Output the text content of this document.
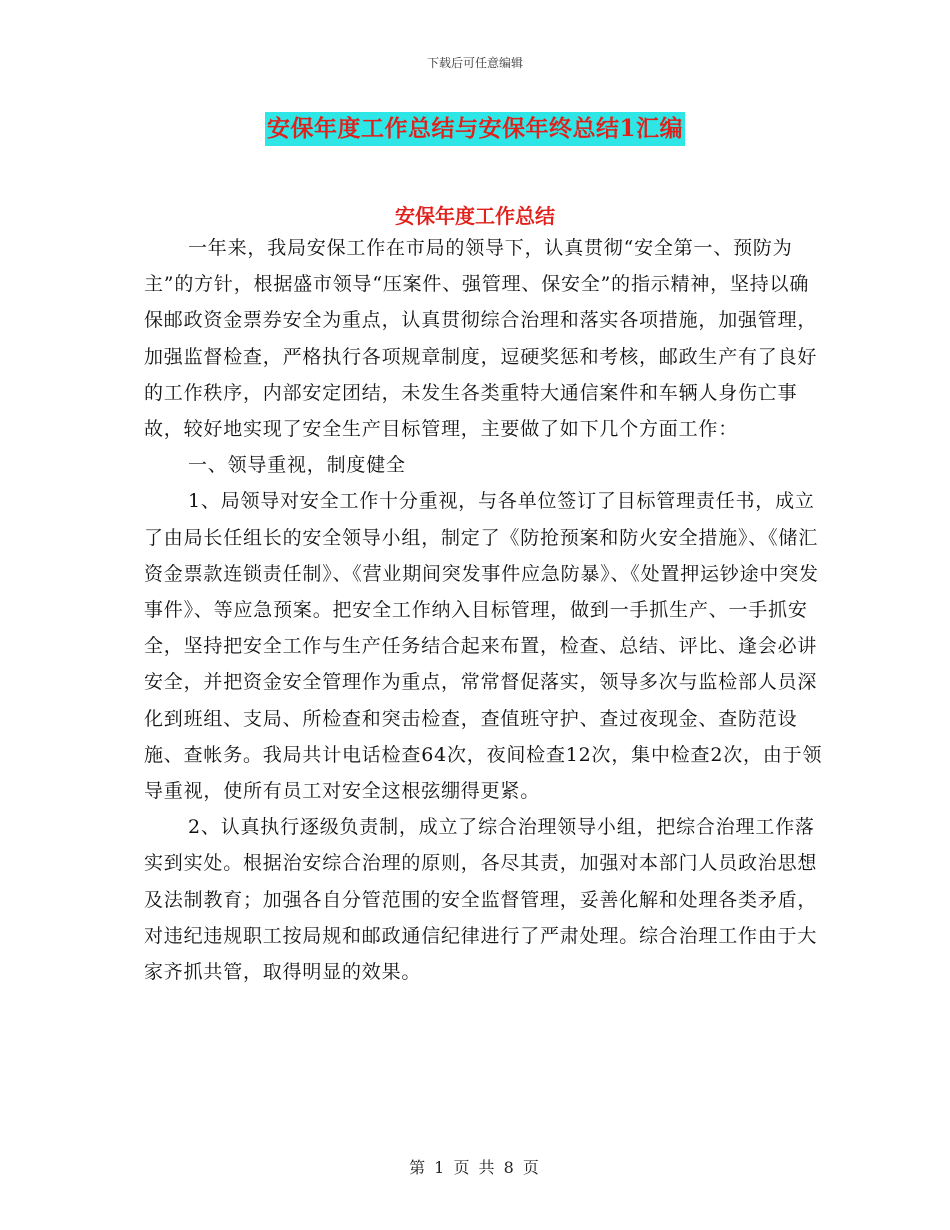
下载后可任意编辑
安保年度工作总结与安保年终总结1汇编
安保年度工作总结

一年来，我局安保工作在市局的领导下，认真贯彻“安全第一、预防为主”的方针，根据盛市领导“压案件、强管理、保安全”的指示精神，坚持以确保邮政资金票券安全为重点，认真贯彻综合治理和落实各项措施，加强管理，加强监督检查，严格执行各项规章制度，逗硬奖惩和考核，邮政生产有了良好的工作秩序，内部安定团结，未发生各类重特大通信案件和车辆人身伤亡事故，较好地实现了安全生产目标管理，主要做了如下几个方面工作：

一、领导重视，制度健全

1、局领导对安全工作十分重视，与各单位签订了目标管理责任书，成立了由局长任组长的安全领导小组，制定了《防抢预案和防火安全措施》、《储汇资金票款连锁责任制》、《营业期间突发事件应急防暴》、《处置押运钞途中突发事件》、等应急预案。把安全工作纳入目标管理，做到一手抓生产、一手抓安全，坚持把安全工作与生产任务结合起来布置，检查、总结、评比、逢会必讲安全，并把资金安全管理作为重点，常常督促落实，领导多次与监检部人员深化到班组、支局、所检查和突击检查，查值班守护、查过夜现金、查防范设施、查帐务。我局共计电话检查64次，夜间检查12次，集中检查2次，由于领导重视，使所有员工对安全这根弦绷得更紧。

2、认真执行逐级负责制，成立了综合治理领导小组，把综合治理工作落实到实处。根据治安综合治理的原则，各尽其责，加强对本部门人员政治思想及法制教育；加强各自分管范围的安全监督管理，妥善化解和处理各类矛盾，对违纪违规职工按局规和邮政通信纪律进行了严肃处理。综合治理工作由于大家齐抓共管，取得明显的效果。

第 1 页 共 8 页
